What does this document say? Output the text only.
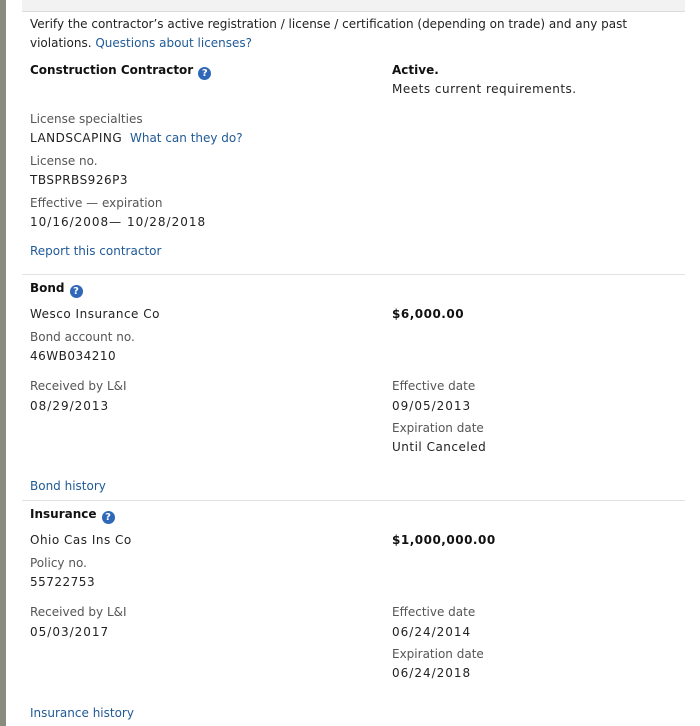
Verify the contractor’s active registration / license / certification (depending on trade) and any past
violations. Questions about licenses?
Construction Contractor ?	Active.
Meets current requirements.
License specialties
LANDSCAPING What can they do?
License no.
TBSPRBS926P3
Effective — expiration
10/16/2008— 10/28/2018
Report this contractor
Bond ?
Wesco Insurance Co	$6,000.00
Bond account no.
46WB034210
Received by L&I
08/29/2013
Effective date
09/05/2013
Expiration date
Until Canceled
Bond history
Insurance ?
Ohio Cas Ins Co	$1,000,000.00
Policy no.
55722753
Received by L&I
05/03/2017
Effective date
06/24/2014
Expiration date
06/24/2018
Insurance history
